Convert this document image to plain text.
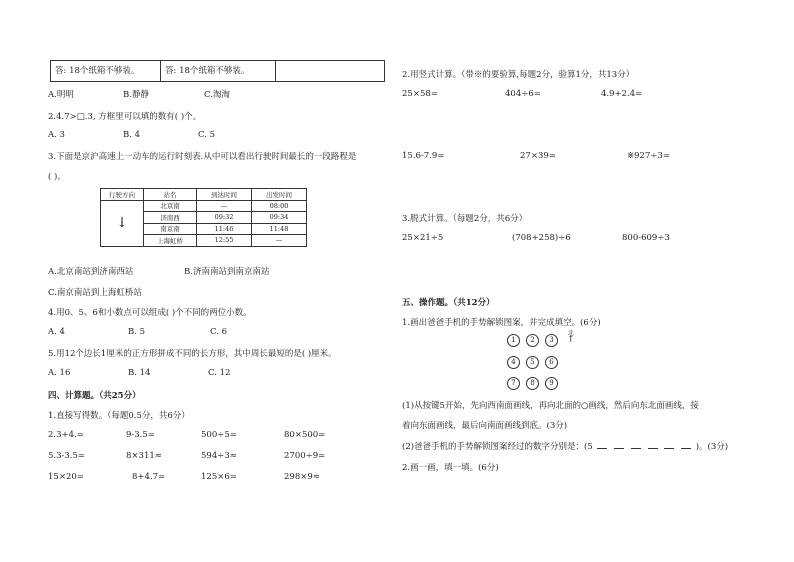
答: 18个纸箱不够装。	答: 18个纸箱不够装。
A.明明	B.静静	C.淘淘
2.4.7>□.3, 方框里可以填的数有( )个。
A. 3	B. 4	C. 5
3.下面是京沪高速上一动车的运行时刻表.从中可以看出行驶时间最长的一段路程是
( )。
行驶方向	站名	到达时间	出发时间
↓	北京南	—	08:00
	济南西	09:32	09:34
	南京南	11:46	11:48
	上海虹桥	12:55	—
A.北京南站到济南西站	B.济南南站到南京南站
C.南京南站到上海虹桥站
4.用0、5、6和小数点可以组成( )个不同的两位小数。
A. 4	B. 5	C. 6
5.用12个边长1厘米的正方形拼成不同的长方形，其中周长最短的是( )厘米。
A. 16	B. 14	C. 12
四、计算题。（共25分）
1.直接写得数。（每题0.5分，共6分）
2.3+4.=	9-3.5=	500÷5=	80×500=
5.3-3.5=	8×311≈	594÷3≈	2700÷9=
15×20=	8+4.7=	125×6=	298×9≈
2.用竖式计算。（带※的要验算,每题2分，验算1分，共13分）
25×58=	404÷6=	4.9+2.4=
15.6-7.9=	27×39=	※927÷3=
3.脱式计算。（每题2分，共6分）
25×21÷5	(708+258)÷6	800-609÷3
五、操作题。（共12分）
1.画出爸爸手机的手势解锁图案，并完成填空。(6分)
1	2	3
4	5	6
7	8	9
北
↑
(1)从按键5开始，先向西南面画线，再向北面的○画线，然后向东北面画线，接
着向东面画线，最后向南面画线到底。(3分)
(2)爸爸手机的手势解锁图案经过的数字分别是：(5	)。(3分)
2.画一画，填一填。(6分)
